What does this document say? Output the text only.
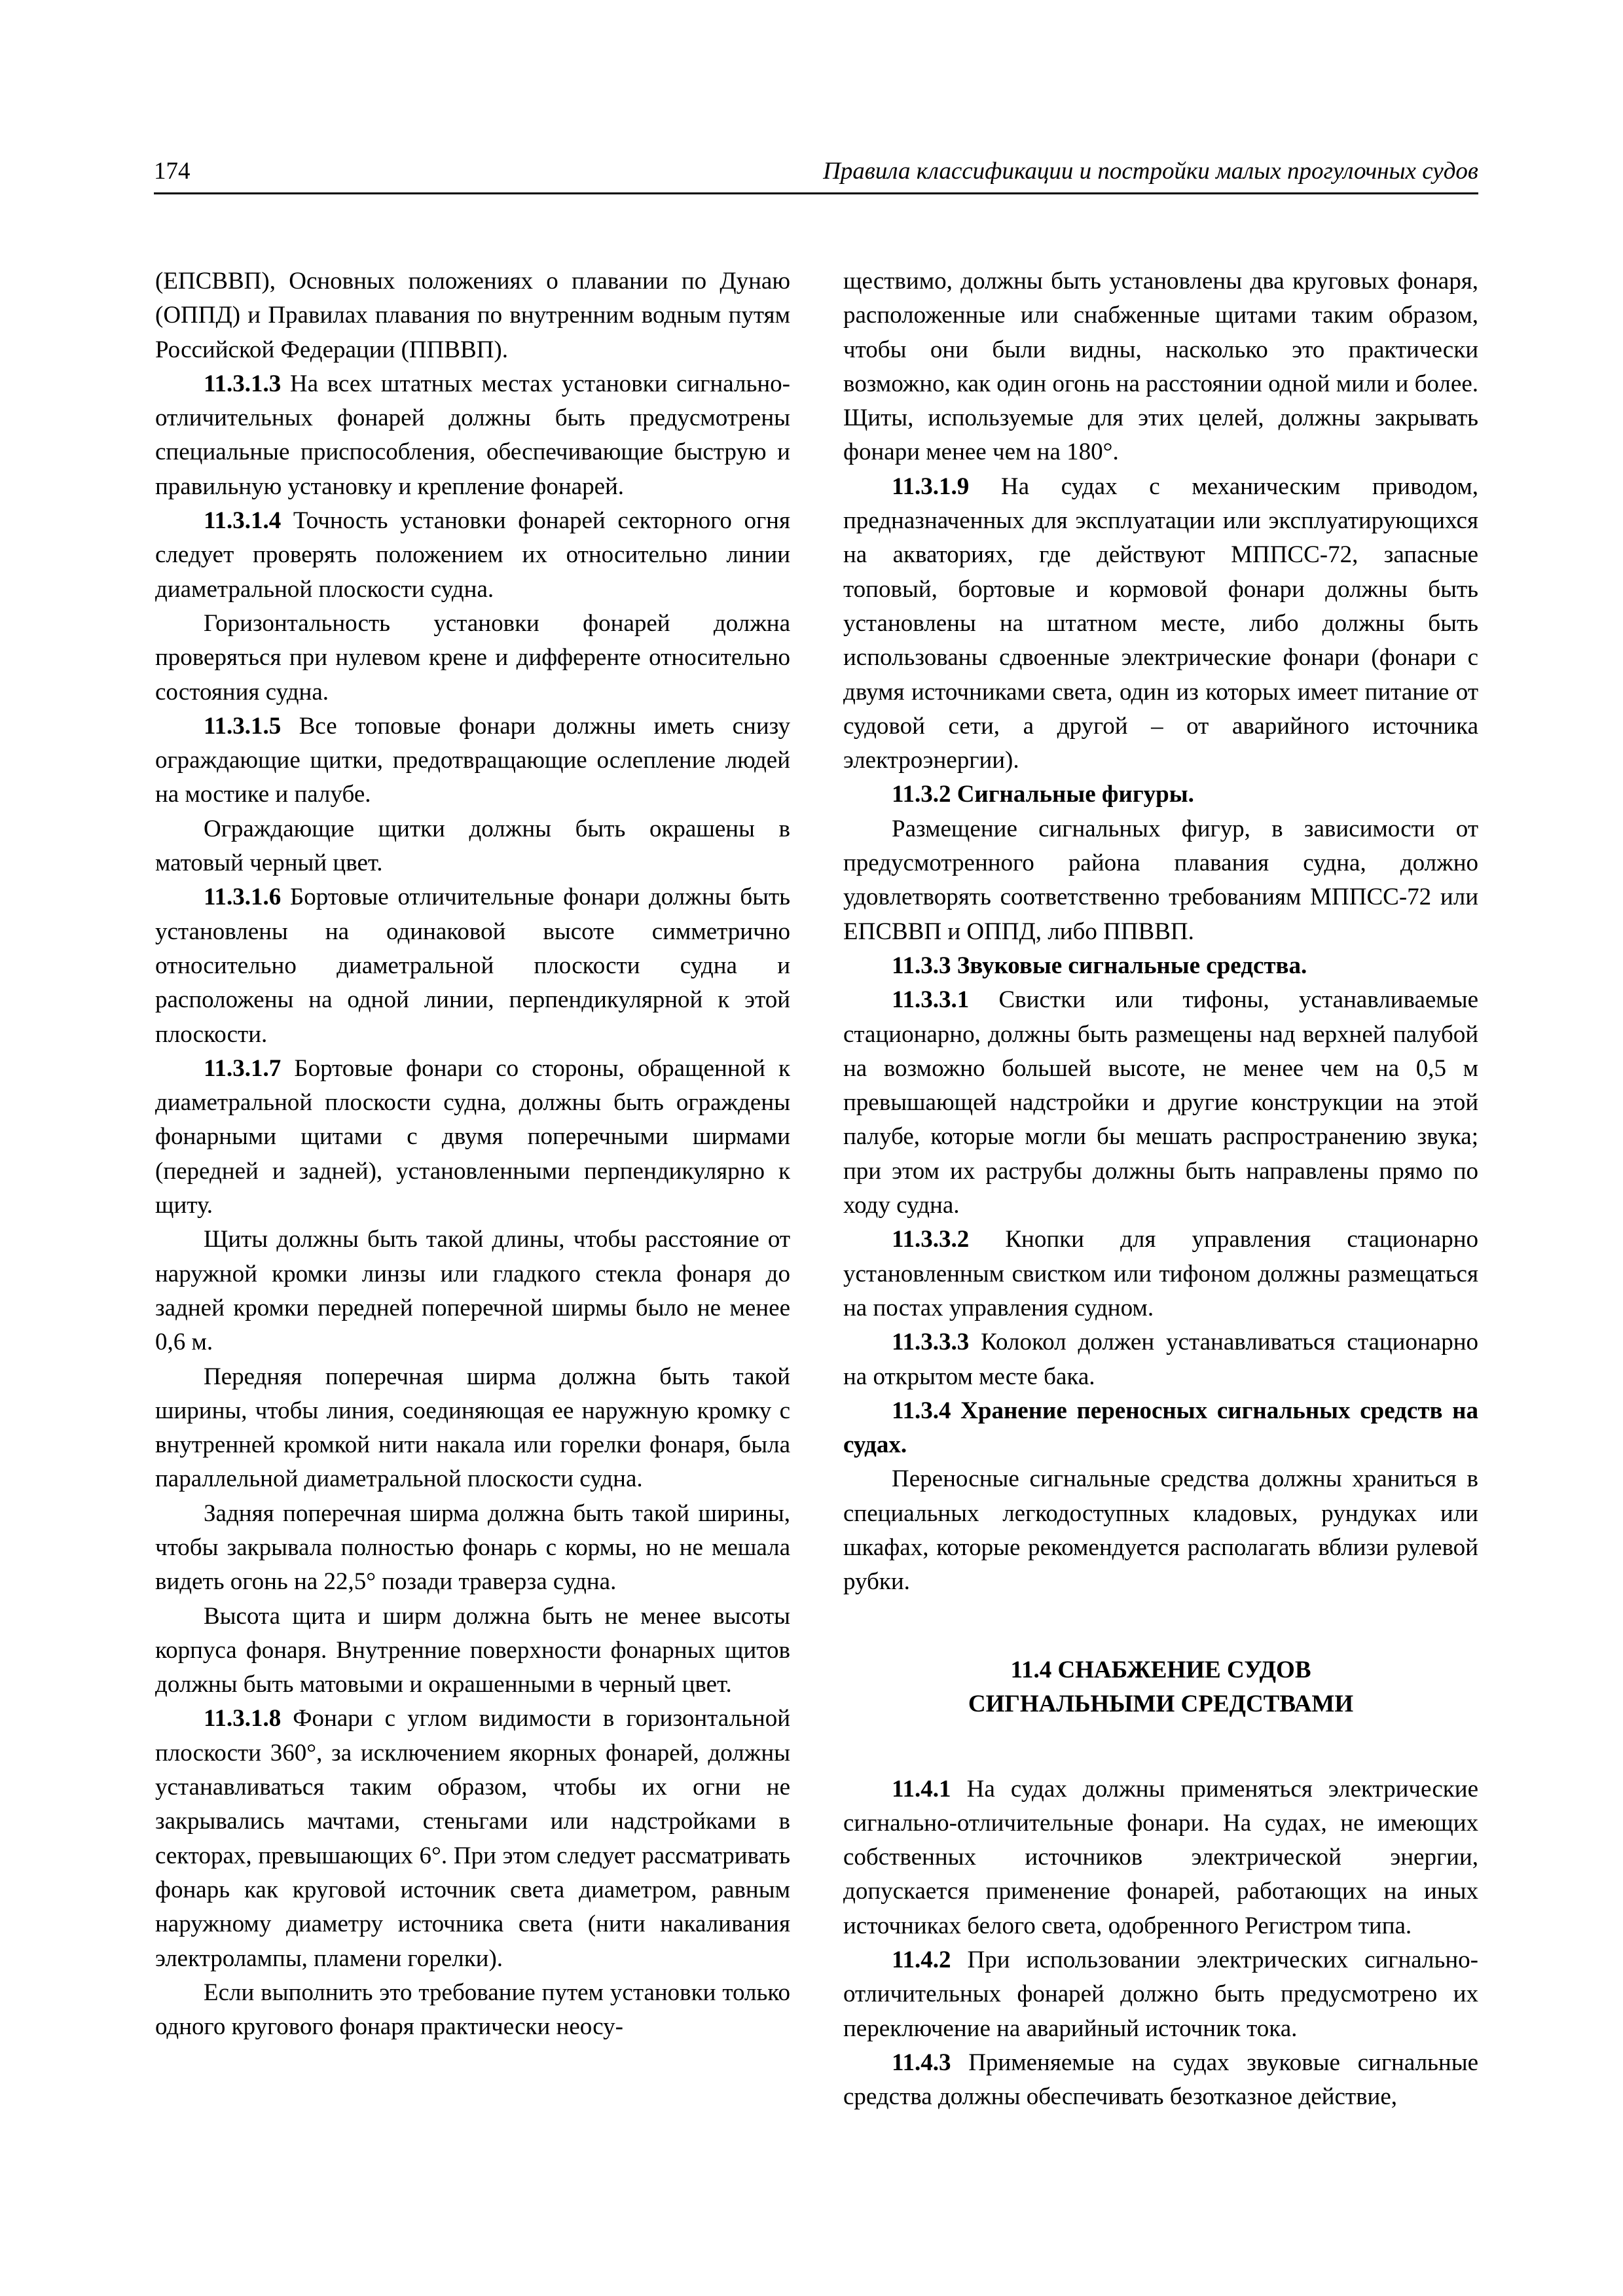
174	Правила классификации и постройки малых прогулочных судов

(ЕПСВВП), Основных положениях о плавании по Дунаю (ОППД) и Правилах плавания по внутренним водным путям Российской Федерации (ППВВП).

11.3.1.3 На всех штатных местах установки сигнально-отличительных фонарей должны быть предусмотрены специальные приспособления, обеспечивающие быструю и правильную установку и крепление фонарей.

11.3.1.4 Точность установки фонарей секторного огня следует проверять положением их относительно линии диаметральной плоскости судна.

Горизонтальность установки фонарей должна проверяться при нулевом крене и дифференте относительно состояния судна.

11.3.1.5 Все топовые фонари должны иметь снизу ограждающие щитки, предотвращающие ослепление людей на мостике и палубе.

Ограждающие щитки должны быть окрашены в матовый черный цвет.

11.3.1.6 Бортовые отличительные фонари должны быть установлены на одинаковой высоте симметрично относительно диаметральной плоскости судна и расположены на одной линии, перпендикулярной к этой плоскости.

11.3.1.7 Бортовые фонари со стороны, обращенной к диаметральной плоскости судна, должны быть ограждены фонарными щитами с двумя поперечными ширмами (передней и задней), установленными перпендикулярно к щиту.

Щиты должны быть такой длины, чтобы расстояние от наружной кромки линзы или гладкого стекла фонаря до задней кромки передней поперечной ширмы было не менее 0,6 м.

Передняя поперечная ширма должна быть такой ширины, чтобы линия, соединяющая ее наружную кромку с внутренней кромкой нити накала или горелки фонаря, была параллельной диаметральной плоскости судна.

Задняя поперечная ширма должна быть такой ширины, чтобы закрывала полностью фонарь с кормы, но не мешала видеть огонь на 22,5° позади траверза судна.

Высота щита и ширм должна быть не менее высоты корпуса фонаря. Внутренние поверхности фонарных щитов должны быть матовыми и окрашенными в черный цвет.

11.3.1.8 Фонари с углом видимости в горизонтальной плоскости 360°, за исключением якорных фонарей, должны устанавливаться таким образом, чтобы их огни не закрывались мачтами, стеньгами или надстройками в секторах, превышающих 6°. При этом следует рассматривать фонарь как круговой источник света диаметром, равным наружному диаметру источника света (нити накаливания электролампы, пламени горелки).

Если выполнить это требование путем установки только одного кругового фонаря практически неосу-

ществимо, должны быть установлены два круговых фонаря, расположенные или снабженные щитами таким образом, чтобы они были видны, насколько это практически возможно, как один огонь на расстоянии одной мили и более. Щиты, используемые для этих целей, должны закрывать фонари менее чем на 180°.

11.3.1.9 На судах с механическим приводом, предназначенных для эксплуатации или эксплуатирующихся на акваториях, где действуют МППСС-72, запасные топовый, бортовые и кормовой фонари должны быть установлены на штатном месте, либо должны быть использованы сдвоенные электрические фонари (фонари с двумя источниками света, один из которых имеет питание от судовой сети, а другой – от аварийного источника электроэнергии).

11.3.2 Сигнальные фигуры.

Размещение сигнальных фигур, в зависимости от предусмотренного района плавания судна, должно удовлетворять соответственно требованиям МППСС-72 или ЕПСВВП и ОППД, либо ППВВП.

11.3.3 Звуковые сигнальные средства.

11.3.3.1 Свистки или тифоны, устанавливаемые стационарно, должны быть размещены над верхней палубой на возможно большей высоте, не менее чем на 0,5 м превышающей надстройки и другие конструкции на этой палубе, которые могли бы мешать распространению звука; при этом их раструбы должны быть направлены прямо по ходу судна.

11.3.3.2 Кнопки для управления стационарно установленным свистком или тифоном должны размещаться на постах управления судном.

11.3.3.3 Колокол должен устанавливаться стационарно на открытом месте бака.

11.3.4 Хранение переносных сигнальных средств на судах.

Переносные сигнальные средства должны храниться в специальных легкодоступных кладовых, рундуках или шкафах, которые рекомендуется располагать вблизи рулевой рубки.

11.4 СНАБЖЕНИЕ СУДОВ
СИГНАЛЬНЫМИ СРЕДСТВАМИ

11.4.1 На судах должны применяться электрические сигнально-отличительные фонари. На судах, не имеющих собственных источников электрической энергии, допускается применение фонарей, работающих на иных источниках белого света, одобренного Регистром типа.

11.4.2 При использовании электрических сигнально-отличительных фонарей должно быть предусмотрено их переключение на аварийный источник тока.

11.4.3 Применяемые на судах звуковые сигнальные средства должны обеспечивать безотказное действие,
